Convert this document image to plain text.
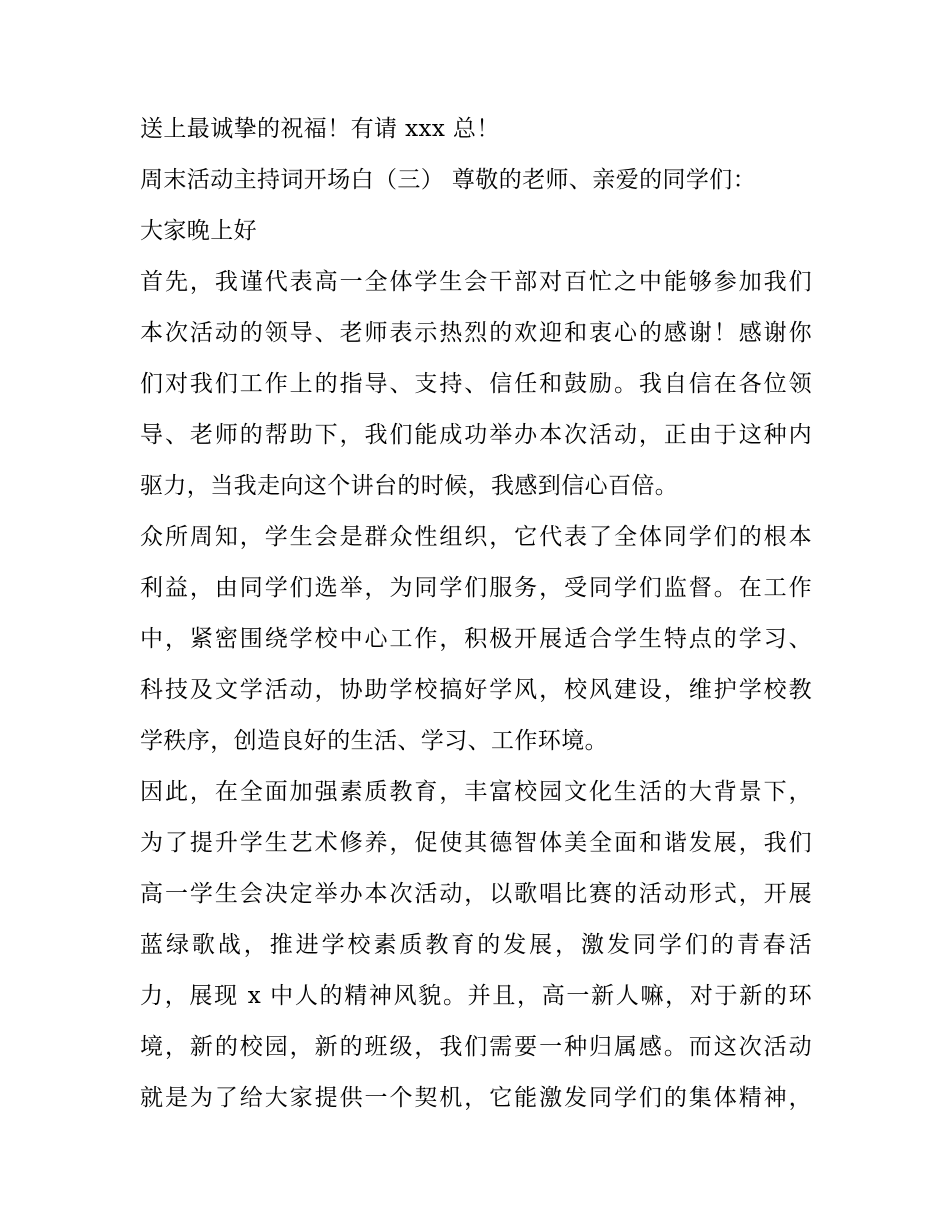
送上最诚挚的祝福！有请 xxx 总！
周末活动主持词开场白（三） 尊敬的老师、亲爱的同学们：
大家晚上好
首先，我谨代表高一全体学生会干部对百忙之中能够参加我们
本次活动的领导、老师表示热烈的欢迎和衷心的感谢！感谢你
们对我们工作上的指导、支持、信任和鼓励。我自信在各位领
导、老师的帮助下，我们能成功举办本次活动，正由于这种内
驱力，当我走向这个讲台的时候，我感到信心百倍。
众所周知，学生会是群众性组织，它代表了全体同学们的根本
利益，由同学们选举，为同学们服务，受同学们监督。在工作
中，紧密围绕学校中心工作，积极开展适合学生特点的学习、
科技及文学活动，协助学校搞好学风，校风建设，维护学校教
学秩序，创造良好的生活、学习、工作环境。
因此，在全面加强素质教育，丰富校园文化生活的大背景下，
为了提升学生艺术修养，促使其德智体美全面和谐发展，我们
高一学生会决定举办本次活动，以歌唱比赛的活动形式，开展
蓝绿歌战，推进学校素质教育的发展，激发同学们的青春活
力，展现 x 中人的精神风貌。并且，高一新人嘛，对于新的环
境，新的校园，新的班级，我们需要一种归属感。而这次活动
就是为了给大家提供一个契机，它能激发同学们的集体精神，
